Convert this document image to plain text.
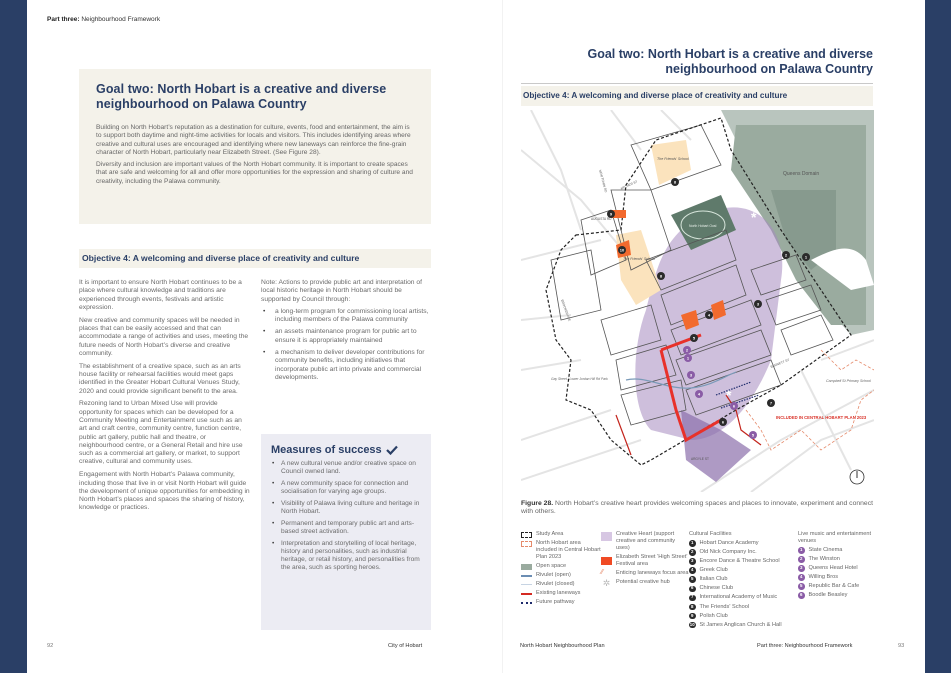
Part three: Neighbourhood Framework
Goal two: North Hobart is a creative and diverse neighbourhood on Palawa Country

Building on North Hobart’s reputation as a destination for culture, events, food and entertainment, the aim is to support both daytime and night-time activities for locals and visitors. This includes identifying areas where creative and cultural uses are encouraged and identifying where new laneways can reinforce the fine-grain character of North Hobart, particularly near Elizabeth Street. (See Figure 28).

Diversity and inclusion are important values of the North Hobart community. It is important to create spaces that are safe and welcoming for all and offer more opportunities for the expression and sharing of culture and creativity, including the Palawa community.

Objective 4: A welcoming and diverse place of creativity and culture

It is important to ensure North Hobart continues to be a place where cultural knowledge and traditions are experienced through events, festivals and artistic expression.

New creative and community spaces will be needed in places that can be easily accessed and that can accommodate a range of activities and uses, meeting the future needs of North Hobart’s diverse and creative community.

The establishment of a creative space, such as an arts house facility or rehearsal facilities would meet gaps identified in the Greater Hobart Cultural Venues Study, 2020 and could provide significant benefit to the area.

Rezoning land to Urban Mixed Use will provide opportunity for spaces which can be developed for a Community Meeting and Entertainment use such as an art and craft centre, community centre, function centre, public art gallery, public hall and theatre, or neighbourhood centre, or a General Retail and hire use such as a commercial art gallery, or market, to support creative, cultural and community uses.

Engagement with North Hobart’s Palawa community, including those that live in or visit North Hobart will guide the development of unique opportunities for embedding in North Hobart’s places and spaces the sharing of history, knowledge or practices.

Note: Actions to provide public art and interpretation of local historic heritage in North Hobart should be supported by Council through:

• a long-term program for commissioning local artists, including members of the Palawa community
• an assets maintenance program for public art to ensure it is appropriately maintained
• a mechanism to deliver developer contributions for community benefits, including initiatives that incorporate public art into private and commercial developments.
Measures of success
• A new cultural venue and/or creative space on Council owned land.
• A new community space for connection and socialisation for varying age groups.
• Visibility of Palawa living culture and heritage in North Hobart.
• Permanent and temporary public art and arts-based street activation.
• Interpretation and storytelling of local heritage, history and personalities, such as industrial heritage, or retail history, and personalities from the area, such as sporting heroes.
Goal two: North Hobart is a creative and diverse neighbourhood on Palawa Country
Objective 4: A welcoming and diverse place of creativity and culture
Queens Domain
The Friends' School
The Friends' School
North Hobart Oval
*
*
1
2
3
4
5
6
7
8
8
9
10
1
2
3
4
5
6
AUGUSTA RD
ARCHER ST
NEW TOWN RD
BURNETT ST
ARGYLE ST
BROOKER AVE
Gay Street / Lower Jordan Hill Rd Park	Campbell St Primary School
INCLUDED IN CENTRAL HOBART PLAN 2023
Figure 28. North Hobart’s creative heart provides welcoming spaces and places to innovate, experiment and connect with others.
Study Area
North Hobart area included in Central Hobart Plan 2023
Open space
Rivulet (open)
Rivulet (closed)
Existing laneways
Future pathway
Creative Heart (support creative and community uses)
Elizabeth Street ‘High Street’ Festival area
⁄⁄	Enticing laneways focus area
✲	Potential creative hub
Cultural Facilities
1	Hobart Dance Academy
2	Old Nick Company Inc.
3	Encore Dance & Theatre School
4	Greek Club
5	Italian Club
6	Chinese Club
7	International Academy of Music
8	The Friends' School
9	Polish Club
10 St James Anglican Church & Hall
Live music and entertainment venues
1	State Cinema
2	The Winston
3	Queens Head Hotel
4	Willing Bros
5	Republic Bar & Cafe
6	Boodle Beasley
92	City of Hobart	North Hobart Neighbourhood Plan	Part three: Neighbourhood Framework	93
